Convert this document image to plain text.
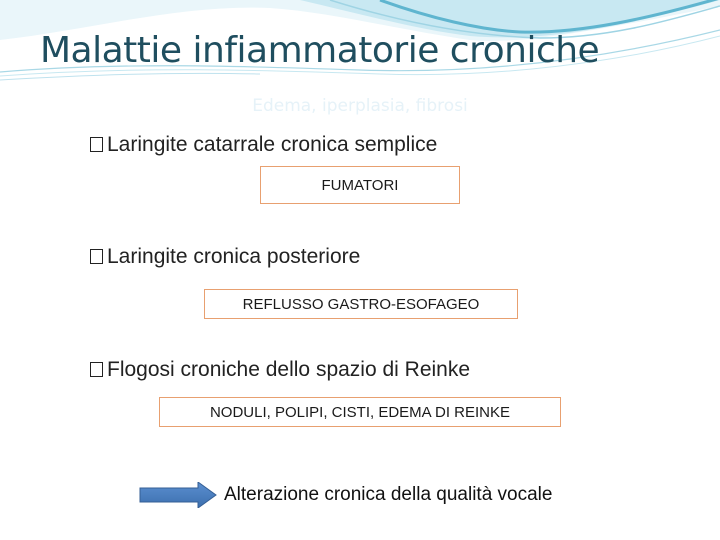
Malattie infiammatorie croniche
Edema, iperplasia, fibrosi
Laringite catarrale cronica semplice
FUMATORI
Laringite cronica posteriore
REFLUSSO GASTRO-ESOFAGEO
Flogosi croniche dello spazio di Reinke
NODULI, POLIPI, CISTI, EDEMA DI REINKE
Alterazione cronica della qualità vocale
